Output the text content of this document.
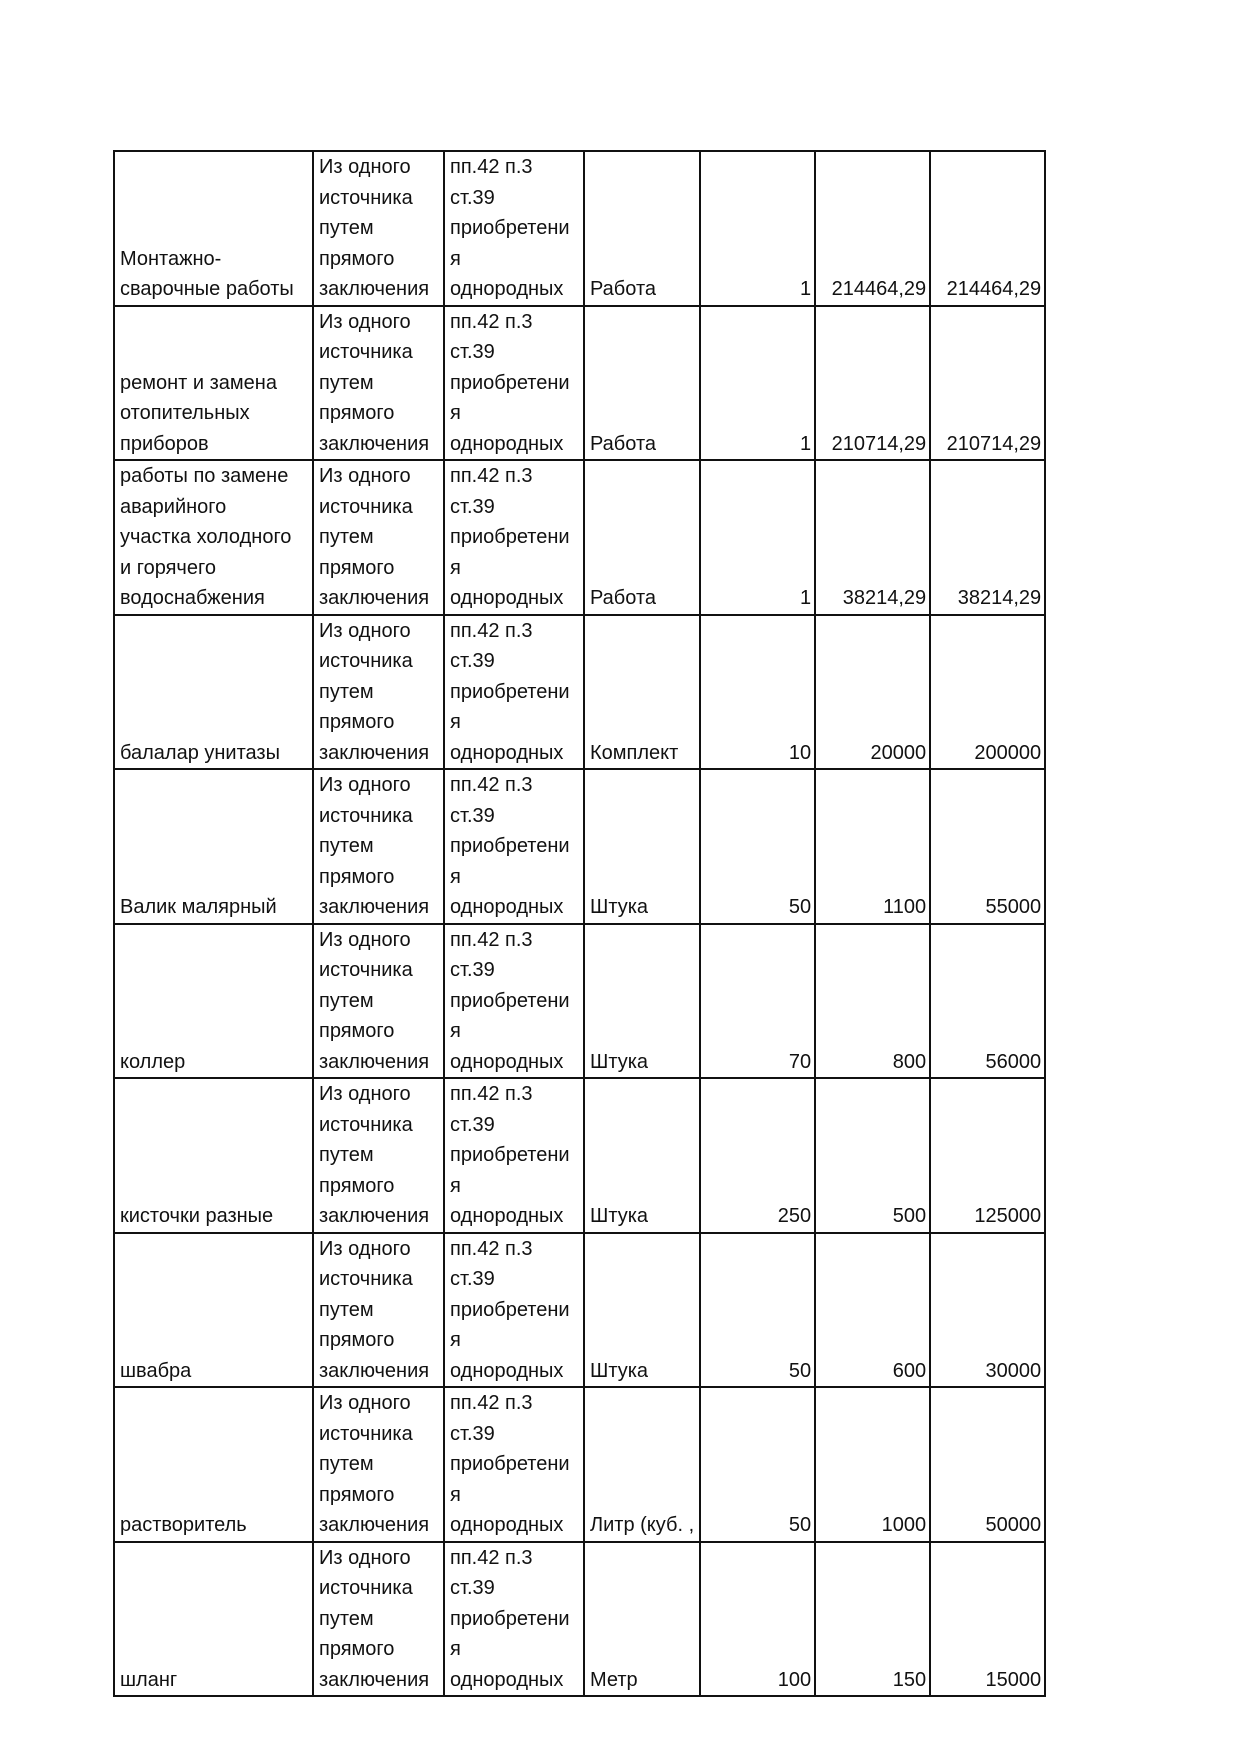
Монтажно-
сварочные работы	Из одного
источника
путем
прямого
заключения	пп.42 п.3
ст.39
приобретени
я
однородных	Работа	1	214464,29	214464,29

ремонт и замена
отопительных
приборов	Из одного
источника
путем
прямого
заключения	пп.42 п.3
ст.39
приобретени
я
однородных	Работа	1	210714,29	210714,29

работы по замене
аварийного
участка холодного
и горячего
водоснабжения	Из одного
источника
путем
прямого
заключения	пп.42 п.3
ст.39
приобретени
я
однородных	Работа	1	38214,29	38214,29
балалар унитазы	Из одного
источника
путем
прямого
заключения	пп.42 п.3
ст.39
приобретени
я
однородных	Комплект	10	20000	200000
Валик малярный	Из одного
источника
путем
прямого
заключения	пп.42 п.3
ст.39
приобретени
я
однородных	Штука	50	1100	55000
коллер	Из одного
источника
путем
прямого
заключения	пп.42 п.3
ст.39
приобретени
я
однородных	Штука	70	800	56000
кисточки разные	Из одного
источника
путем
прямого
заключения	пп.42 п.3
ст.39
приобретени
я
однородных	Штука	250	500	125000
швабра	Из одного
источника
путем
прямого
заключения	пп.42 п.3
ст.39
приобретени
я
однородных	Штука	50	600	30000
растворитель	Из одного
источника
путем
прямого
заключения	пп.42 п.3
ст.39
приобретени
я
однородных	Литр (куб. ,	50	1000	50000
шланг	Из одного
источника
путем
прямого
заключения	пп.42 п.3
ст.39
приобретени
я
однородных	Метр	100	150	15000
